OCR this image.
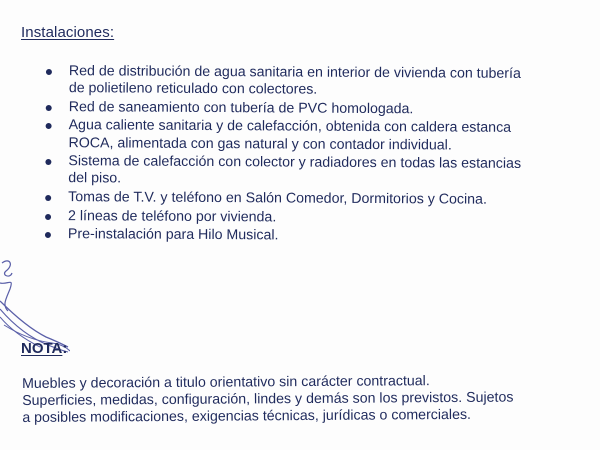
Instalaciones:
Red de distribución de agua sanitaria en interior de vivienda con tubería
de polietileno reticulado con colectores.
Red de saneamiento con tubería de PVC homologada.
Agua caliente sanitaria y de calefacción, obtenida con caldera estanca
ROCA, alimentada con gas natural y con contador individual.
Sistema de calefacción con colector y radiadores en todas las estancias
del piso.
Tomas de T.V. y teléfono en Salón Comedor, Dormitorios y Cocina.
2 líneas de teléfono por vivienda.
Pre-instalación para Hilo Musical.
NOTA:

Muebles y decoración a titulo orientativo sin carácter contractual.

Superficies, medidas, configuración, lindes y demás son los previstos. Sujetos
a posibles modificaciones, exigencias técnicas, jurídicas o comerciales.
